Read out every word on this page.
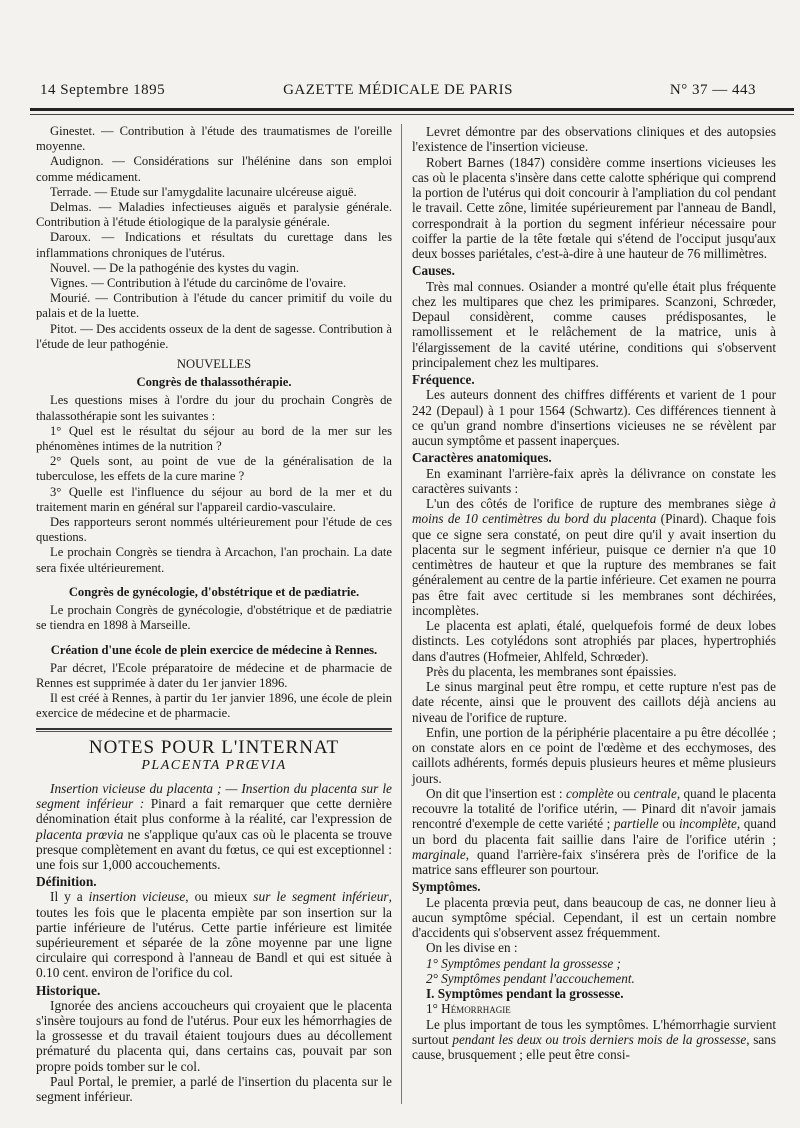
14 Septembre 1895	GAZETTE MÉDICALE DE PARIS	N° 37 — 443

Ginestet. — Contribution à l'étude des traumatismes de l'oreille moyenne.

Audignon. — Considérations sur l'hélénine dans son emploi comme médicament.

Terrade. — Etude sur l'amygdalite lacunaire ulcéreuse aiguë.

Delmas. — Maladies infectieuses aiguës et paralysie générale. Contribution à l'étude étiologique de la paralysie générale.

Daroux. — Indications et résultats du curettage dans les inflammations chroniques de l'utérus.

Nouvel. — De la pathogénie des kystes du vagin.

Vignes. — Contribution à l'étude du carcinôme de l'ovaire.

Mourié. — Contribution à l'étude du cancer primitif du voile du palais et de la luette.

Pitot. — Des accidents osseux de la dent de sagesse. Contribution à l'étude de leur pathogénie.

NOUVELLES

Congrès de thalassothérapie.

Les questions mises à l'ordre du jour du prochain Congrès de thalassothérapie sont les suivantes :

1° Quel est le résultat du séjour au bord de la mer sur les phénomènes intimes de la nutrition ?

2° Quels sont, au point de vue de la généralisation de la tuberculose, les effets de la cure marine ?

3° Quelle est l'influence du séjour au bord de la mer et du traitement marin en général sur l'appareil cardio-vasculaire.

Des rapporteurs seront nommés ultérieurement pour l'étude de ces questions.

Le prochain Congrès se tiendra à Arcachon, l'an prochain. La date sera fixée ultérieurement.

Congrès de gynécologie, d'obstétrique et de pædiatrie.

Le prochain Congrès de gynécologie, d'obstétrique et de pædiatrie se tiendra en 1898 à Marseille.

Création d'une école de plein exercice de médecine à Rennes.

Par décret, l'Ecole préparatoire de médecine et de pharmacie de Rennes est supprimée à dater du 1er janvier 1896.

Il est créé à Rennes, à partir du 1er janvier 1896, une école de plein exercice de médecine et de pharmacie.

NOTES POUR L'INTERNAT

PLACENTA PRŒVIA

Insertion vicieuse du placenta ; — Insertion du placenta sur le segment inférieur : Pinard a fait remarquer que cette dernière dénomination était plus conforme à la réalité, car l'expression de placenta prœvia ne s'applique qu'aux cas où le placenta se trouve presque complètement en avant du fœtus, ce qui est exceptionnel : une fois sur 1,000 accouchements.

Définition.

Il y a insertion vicieuse, ou mieux sur le segment inférieur, toutes les fois que le placenta empiète par son insertion sur la partie inférieure de l'utérus. Cette partie inférieure est limitée supérieurement et séparée de la zône moyenne par une ligne circulaire qui correspond à l'anneau de Bandl et qui est située à 0.10 cent. environ de l'orifice du col.

Historique.

Ignorée des anciens accoucheurs qui croyaient que le placenta s'insère toujours au fond de l'utérus. Pour eux les hémorrhagies de la grossesse et du travail étaient toujours dues au décollement prématuré du placenta qui, dans certains cas, pouvait par son propre poids tomber sur le col.

Paul Portal, le premier, a parlé de l'insertion du placenta sur le segment inférieur.

Levret démontre par des observations cliniques et des autopsies l'existence de l'insertion vicieuse.

Robert Barnes (1847) considère comme insertions vicieuses les cas où le placenta s'insère dans cette calotte sphérique qui comprend la portion de l'utérus qui doit concourir à l'ampliation du col pendant le travail. Cette zône, limitée supérieurement par l'anneau de Bandl, correspondrait à la portion du segment inférieur nécessaire pour coiffer la partie de la tête fœtale qui s'étend de l'occiput jusqu'aux deux bosses pariétales, c'est-à-dire à une hauteur de 76 millimètres.

Causes.

Très mal connues. Osiander a montré qu'elle était plus fréquente chez les multipares que chez les primipares. Scanzoni, Schrœder, Depaul considèrent, comme causes prédisposantes, le ramollissement et le relâchement de la matrice, unis à l'élargissement de la cavité utérine, conditions qui s'observent principalement chez les multipares.

Fréquence.

Les auteurs donnent des chiffres différents et varient de 1 pour 242 (Depaul) à 1 pour 1564 (Schwartz). Ces différences tiennent à ce qu'un grand nombre d'insertions vicieuses ne se révèlent par aucun symptôme et passent inaperçues.

Caractères anatomiques.

En examinant l'arrière-faix après la délivrance on constate les caractères suivants :

L'un des côtés de l'orifice de rupture des membranes siège à moins de 10 centimètres du bord du placenta (Pinard). Chaque fois que ce signe sera constaté, on peut dire qu'il y avait insertion du placenta sur le segment inférieur, puisque ce dernier n'a que 10 centimètres de hauteur et que la rupture des membranes se fait généralement au centre de la partie inférieure. Cet examen ne pourra pas être fait avec certitude si les membranes sont déchirées, incomplètes.

Le placenta est aplati, étalé, quelquefois formé de deux lobes distincts. Les cotylédons sont atrophiés par places, hypertrophiés dans d'autres (Hofmeier, Ahlfeld, Schrœder).

Près du placenta, les membranes sont épaissies.

Le sinus marginal peut être rompu, et cette rupture n'est pas de date récente, ainsi que le prouvent des caillots déjà anciens au niveau de l'orifice de rupture.

Enfin, une portion de la périphérie placentaire a pu être décollée ; on constate alors en ce point de l'œdème et des ecchymoses, des caillots adhérents, formés depuis plusieurs heures et même plusieurs jours.

On dit que l'insertion est : complète ou centrale, quand le placenta recouvre la totalité de l'orifice utérin, — Pinard dit n'avoir jamais rencontré d'exemple de cette variété ; partielle ou incomplète, quand un bord du placenta fait saillie dans l'aire de l'orifice utérin ; marginale, quand l'arrière-faix s'insérera près de l'orifice de la matrice sans effleurer son pourtour.

Symptômes.

Le placenta prœvia peut, dans beaucoup de cas, ne donner lieu à aucun symptôme spécial. Cependant, il est un certain nombre d'accidents qui s'observent assez fréquemment.

On les divise en :

1° Symptômes pendant la grossesse ;

2° Symptômes pendant l'accouchement.

I. Symptômes pendant la grossesse.

1° Hémorrhagie

Le plus important de tous les symptômes. L'hémorrhagie survient surtout pendant les deux ou trois derniers mois de la grossesse, sans cause, brusquement ; elle peut être consi-
